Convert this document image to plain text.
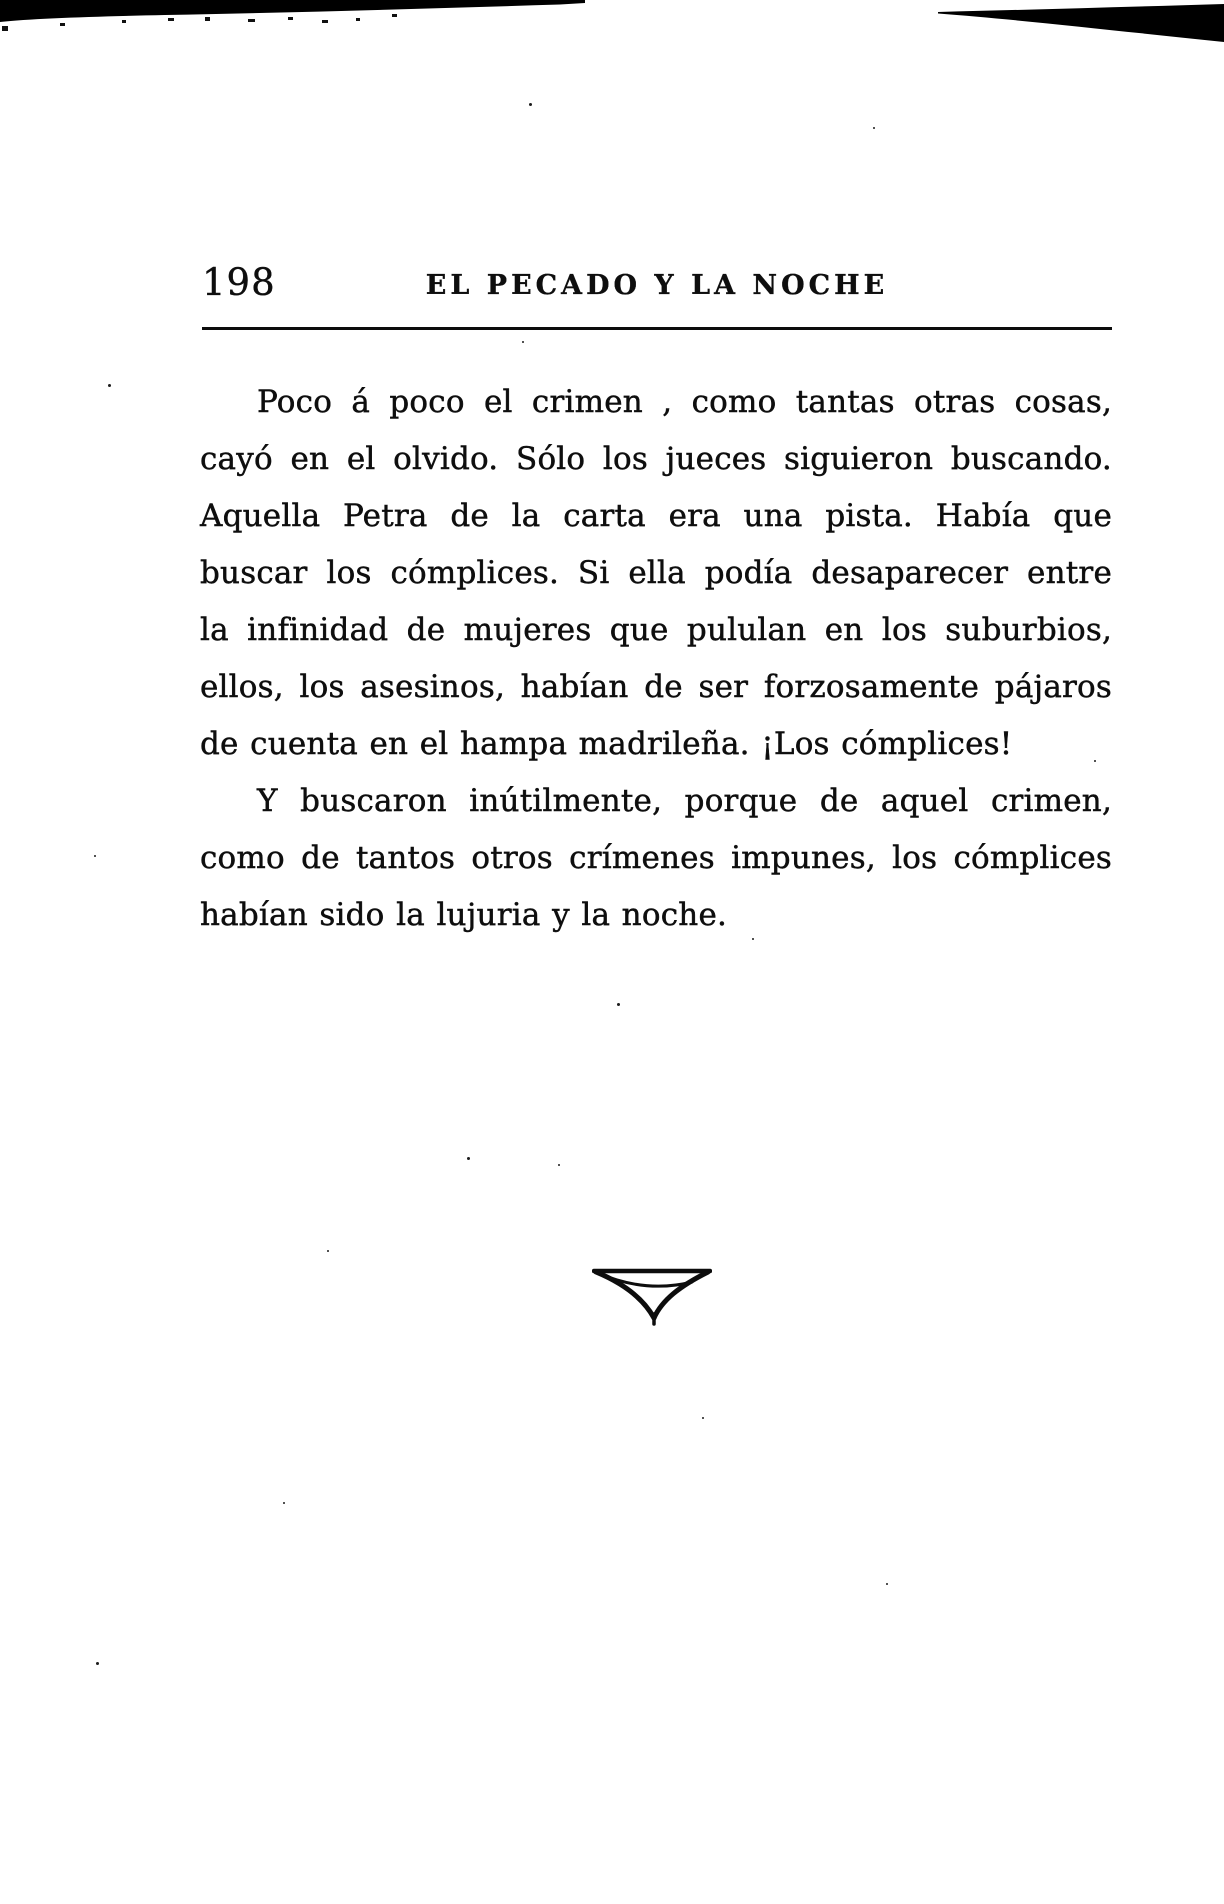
198	EL PECADO Y LA NOCHE
Poco á poco el crimen , como tantas otras cosas,
cayó en el olvido. Sólo los jueces siguieron buscando.
Aquella Petra de la carta era una pista. Había que
buscar los cómplices. Si ella podía desaparecer entre
la infinidad de mujeres que pululan en los suburbios,
ellos, los asesinos, habían de ser forzosamente pájaros
de cuenta en el hampa madrileña. ¡Los cómplices!
Y buscaron inútilmente, porque de aquel crimen,
como de tantos otros crímenes impunes, los cómplices
habían sido la lujuria y la noche.
